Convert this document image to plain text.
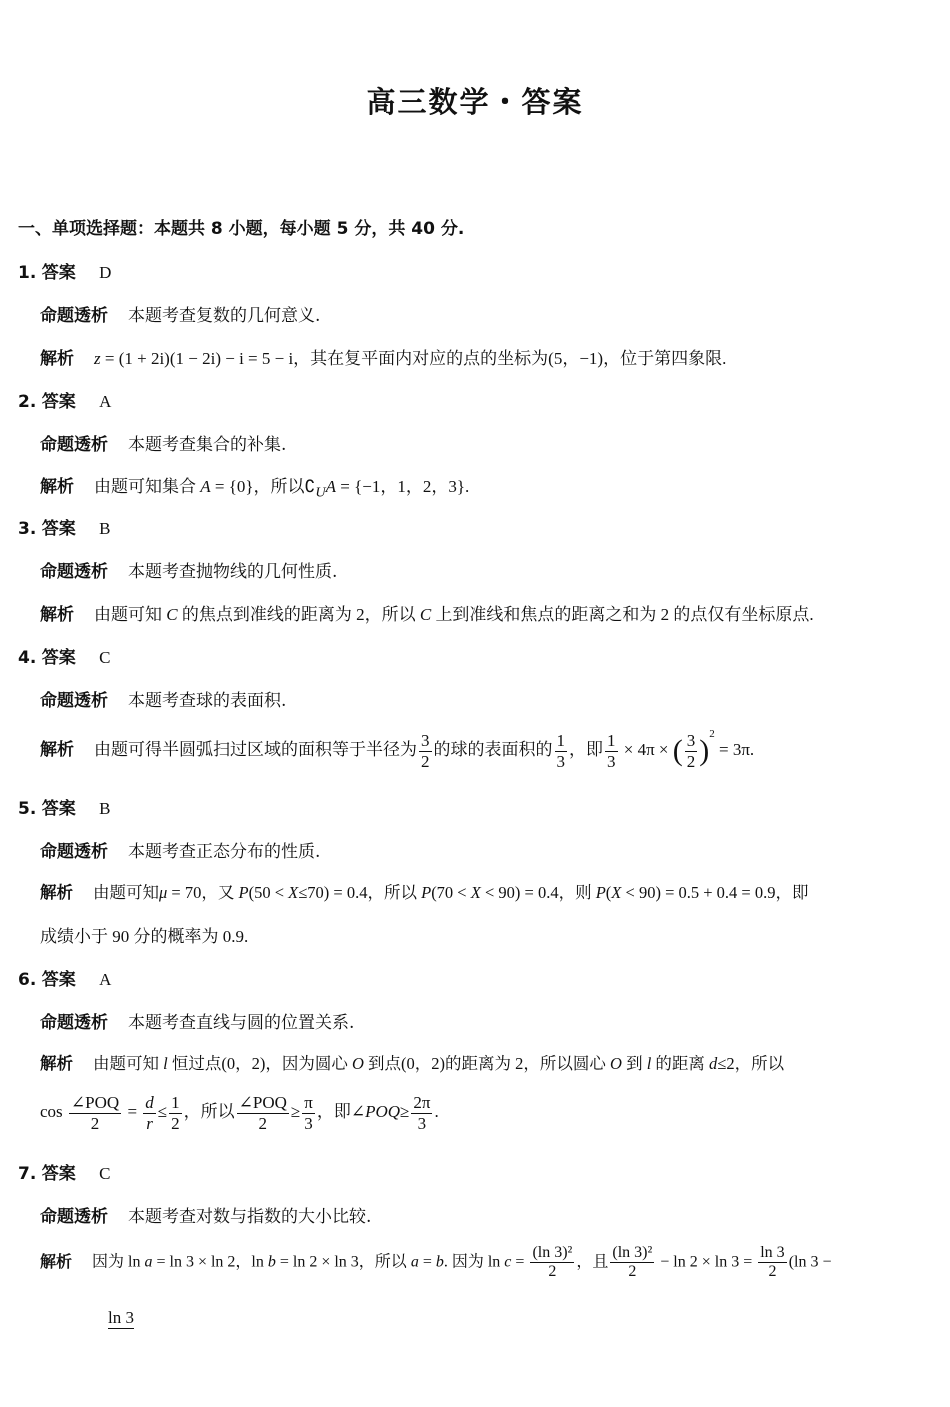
高三数学・答案
一、单项选择题：本题共 8 小题，每小题 5 分，共 40 分.
1. 答案 D
命题透析 本题考查复数的几何意义.
解析 z = (1 + 2i)(1 − 2i) − i = 5 − i，其在复平面内对应的点的坐标为(5，−1)，位于第四象限.
2. 答案 A
命题透析 本题考查集合的补集.
解析 由题可知集合 A = {0}，所以$∁_UA = \{-1$，1，2，3}.
3. 答案 B
命题透析 本题考查抛物线的几何性质.
解析 由题可知 C 的焦点到准线的距离为 2，所以 C 上到准线和焦点的距离之和为 2 的点仅有坐标原点.
4. 答案 C
命题透析 本题考查球的表面积.
解析 由题可得半圆弧扫过区域的面积等于半径为 $\frac{3}{2}$ 的球的表面积的 $\frac{1}{3}$ ，即 $\frac{1}{3} \times 4\pi$ × ( $\frac{3}{2} )^2 = 3\pi$.
5. 答案 B
命题透析 本题考查正态分布的性质.
解析 由题可知μ = 70，又 P(50 < X≤70) = 0.4，所以 P(70 < X < 90) = 0.4，则 P(X < 90) = 0.5 + 0.4 = 0.9，即
成绩小于 90 分的概率为 0.9.
6. 答案 A
命题透析 本题考查直线与圆的位置关系.
解析 由题可知 l 恒过点(0，2)，因为圆心 O 到点(0，2)的距离为 2，所以圆心 O 到 l 的距离 d≤2，所以
$\cos \frac{\text{∠POQ}}{2} = \frac{d}{r} \le \frac{1}{2}$ ，所以 $\frac{\text{∠POQ}}{2} \ge \frac{\pi}{3}$ ，即∠POQ≥ $\frac{2\pi}{3}$ .
7. 答案 C
命题透析 本题考查对数与指数的大小比较.
解析 因为 ln a = ln 3 × ln 2，ln b = ln 2 × ln 3，所以 a = b. 因为 $\ln c = \frac{\text{(ln 3)²}}{2}$ ，且 $\frac{\text{(ln 3)²}}{2} - \ln 2 \times \ln 3 = \frac{\ln 3}{2} (\ln$ 3 −
ln 3
